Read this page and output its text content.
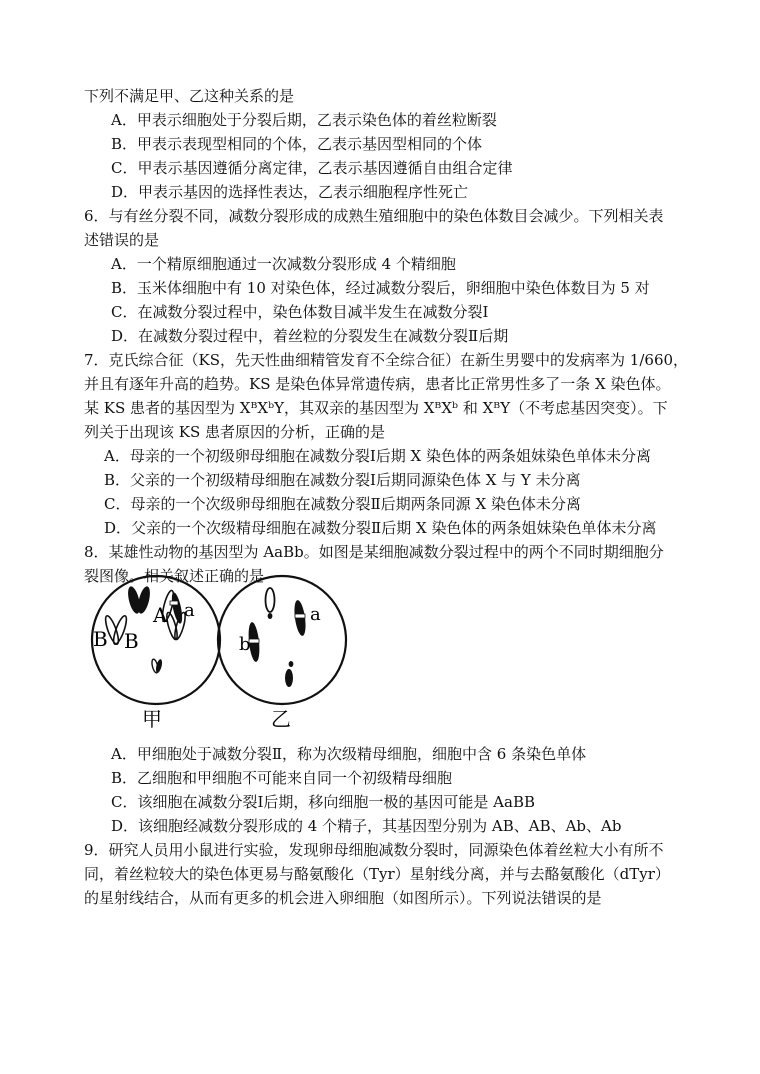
下列不满足甲、乙这种关系的是
A．甲表示细胞处于分裂后期，乙表示染色体的着丝粒断裂
B．甲表示表现型相同的个体，乙表示基因型相同的个体
C．甲表示基因遵循分离定律，乙表示基因遵循自由组合定律
D．甲表示基因的选择性表达，乙表示细胞程序性死亡
6．与有丝分裂不同，减数分裂形成的成熟生殖细胞中的染色体数目会减少。下列相关表
述错误的是
A．一个精原细胞通过一次减数分裂形成 4 个精细胞
B．玉米体细胞中有 10 对染色体，经过减数分裂后，卵细胞中染色体数目为 5 对
C．在减数分裂过程中，染色体数目减半发生在减数分裂Ⅰ
D．在减数分裂过程中，着丝粒的分裂发生在减数分裂Ⅱ后期
7．克氏综合征（KS，先天性曲细精管发育不全综合征）在新生男婴中的发病率为 1/660，
并且有逐年升高的趋势。KS 是染色体异常遗传病，患者比正常男性多了一条 X 染色体。
某 KS 患者的基因型为 XᴮXᵇY，其双亲的基因型为 XᴮXᵇ 和 XᴮY（不考虑基因突变）。下
列关于出现该 KS 患者原因的分析，正确的是
A．母亲的一个初级卵母细胞在减数分裂Ⅰ后期 X 染色体的两条姐妹染色单体未分离
B．父亲的一个初级精母细胞在减数分裂Ⅰ后期同源染色体 X 与 Y 未分离
C．母亲的一个次级卵母细胞在减数分裂Ⅱ后期两条同源 X 染色体未分离
D．父亲的一个次级精母细胞在减数分裂Ⅱ后期 X 染色体的两条姐妹染色单体未分离
8．某雄性动物的基因型为 AaBb。如图是某细胞减数分裂过程中的两个不同时期细胞分
裂图像。相关叙述正确的是
A a
B B
甲
b
a
乙
A．甲细胞处于减数分裂Ⅱ，称为次级精母细胞，细胞中含 6 条染色单体
B．乙细胞和甲细胞不可能来自同一个初级精母细胞
C．该细胞在减数分裂Ⅰ后期，移向细胞一极的基因可能是 AaBB
D．该细胞经减数分裂形成的 4 个精子，其基因型分别为 AB、AB、Ab、Ab
9．研究人员用小鼠进行实验，发现卵母细胞减数分裂时，同源染色体着丝粒大小有所不
同，着丝粒较大的染色体更易与酪氨酸化（Tyr）星射线分离，并与去酪氨酸化（dTyr）
的星射线结合，从而有更多的机会进入卵细胞（如图所示）。下列说法错误的是
